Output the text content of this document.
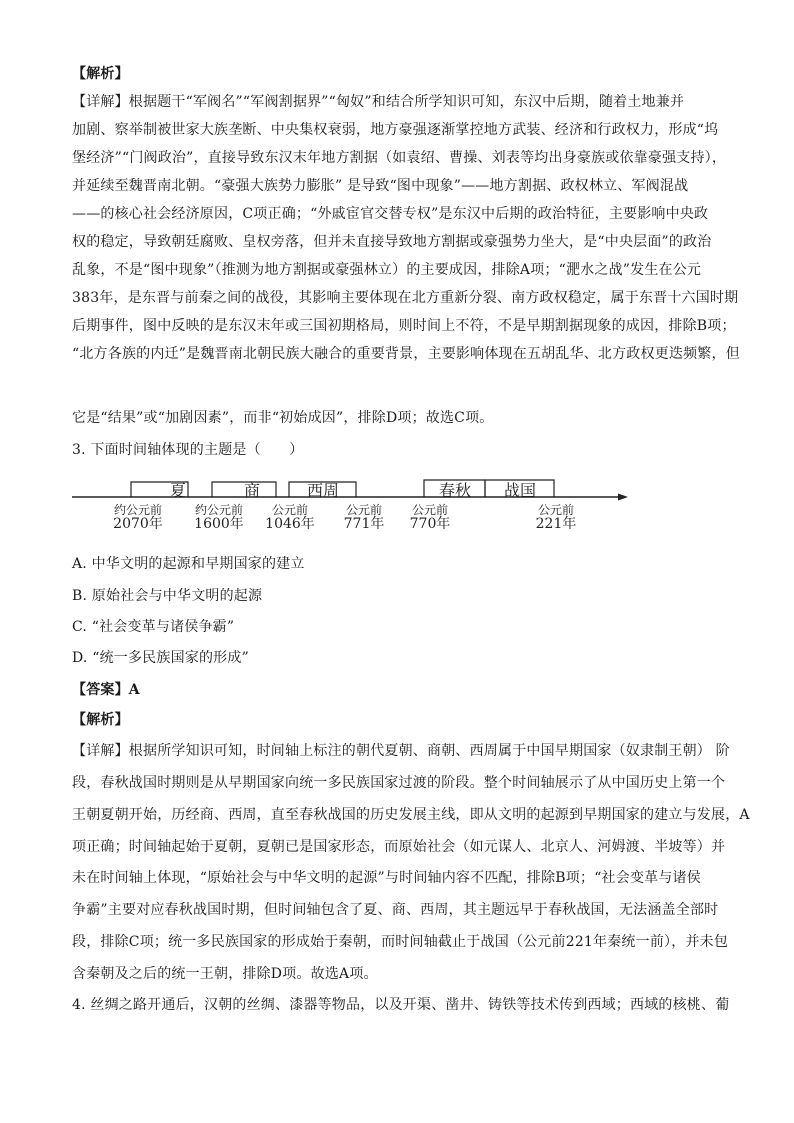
【解析】
【详解】根据题干“军阀名”“军阀割据界”“匈奴”和结合所学知识可知，东汉中后期，随着土地兼并
加剧、察举制被世家大族垄断、中央集权衰弱，地方豪强逐渐掌控地方武装、经济和行政权力，形成“坞
堡经济”“门阀政治”，直接导致东汉末年地方割据（如袁绍、曹操、刘表等均出身豪族或依靠豪强支持），
并延续至魏晋南北朝。“豪强大族势力膨胀” 是导致“图中现象”——地方割据、政权林立、军阀混战
——的核心社会经济原因，C项正确；“外戚宦官交替专权”是东汉中后期的政治特征，主要影响中央政
权的稳定，导致朝廷腐败、皇权旁落，但并未直接导致地方割据或豪强势力坐大，是“中央层面”的政治
乱象，不是“图中现象”（推测为地方割据或豪强林立）的主要成因，排除A项；“淝水之战”发生在公元
383年，是东晋与前秦之间的战役，其影响主要体现在北方重新分裂、南方政权稳定，属于东晋十六国时期
后期事件，图中反映的是东汉末年或三国初期格局，则时间上不符，不是早期割据现象的成因，排除B项；
“北方各族的内迁”是魏晋南北朝民族大融合的重要背景，主要影响体现在五胡乱华、北方政权更迭频繁，但
它是“结果”或“加剧因素”，而非“初始成因”，排除D项；故选C项。
3. 下面时间轴体现的主题是（　　）
A. 中华文明的起源和早期国家的建立
B. 原始社会与中华文明的起源
C. “社会变革与诸侯争霸”
D. “统一多民族国家的形成”
【答案】A
【解析】
【详解】根据所学知识可知，时间轴上标注的朝代夏朝、商朝、西周属于中国早期国家（奴隶制王朝） 阶
段，春秋战国时期则是从早期国家向统一多民族国家过渡的阶段。整个时间轴展示了从中国历史上第一个
王朝夏朝开始，历经商、西周，直至春秋战国的历史发展主线，即从文明的起源到早期国家的建立与发展，A
项正确；时间轴起始于夏朝，夏朝已是国家形态，而原始社会（如元谋人、北京人、河姆渡、半坡等）并
未在时间轴上体现，“原始社会与中华文明的起源”与时间轴内容不匹配，排除B项；“社会变革与诸侯
争霸”主要对应春秋战国时期，但时间轴包含了夏、商、西周，其主题远早于春秋战国，无法涵盖全部时
段，排除C项；统一多民族国家的形成始于秦朝，而时间轴截止于战国（公元前221年秦统一前），并未包
含秦朝及之后的统一王朝，排除D项。故选A项。
4. 丝绸之路开通后，汉朝的丝绸、漆器等物品，以及开渠、凿井、铸铁等技术传到西域；西域的核桃、葡
夏	商	西周	春秋	战国
约公元前
2070年
约公元前
1600年
公元前
1046年
公元前
771年
公元前
770年
公元前
221年
